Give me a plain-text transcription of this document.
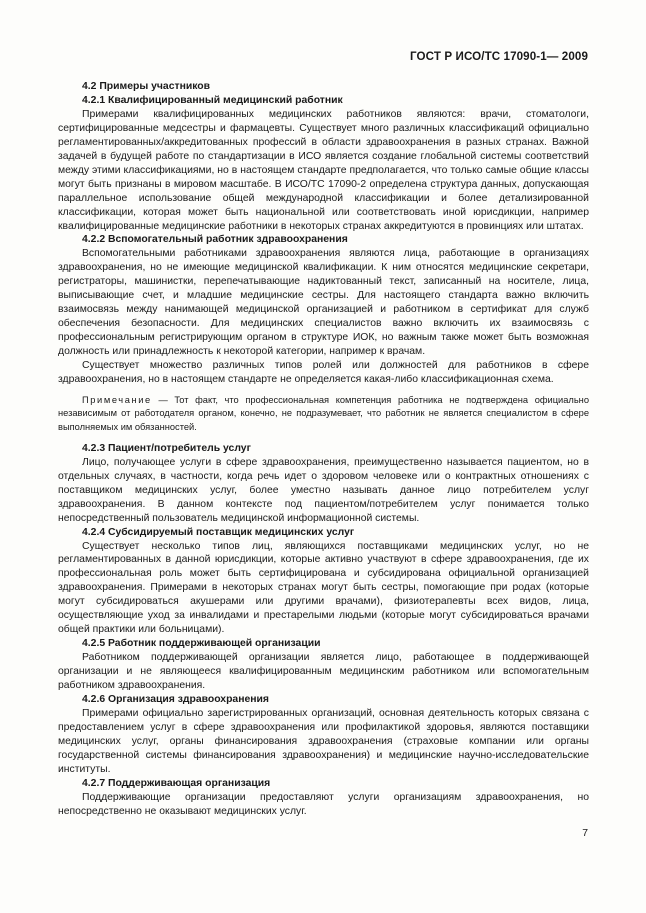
ГОСТ Р ИСО/ТС 17090-1— 2009
4.2 Примеры участников
4.2.1 Квалифицированный медицинский работник

Примерами квалифицированных медицинских работников являются: врачи, стоматологи, сертифицированные медсестры и фармацевты. Существует много различных классификаций официально регламентированных/аккредитованных профессий в области здравоохранения в разных странах. Важной задачей в будущей работе по стандартизации в ИСО является создание глобальной системы соответствий между этими классификациями, но в настоящем стандарте предполагается, что только самые общие классы могут быть признаны в мировом масштабе. В ИСО/ТС 17090-2 определена структура данных, допускающая параллельное использование общей международной классификации и более детализированной классификации, которая может быть национальной или соответствовать иной юрисдикции, например квалифицированные медицинские работники в некоторых странах аккредитуются в провинциях или штатах.

4.2.2 Вспомогательный работник здравоохранения

Вспомогательными работниками здравоохранения являются лица, работающие в организациях здравоохранения, но не имеющие медицинской квалификации. К ним относятся медицинские секретари, регистраторы, машинистки, перепечатывающие надиктованный текст, записанный на носителе, лица, выписывающие счет, и младшие медицинские сестры. Для настоящего стандарта важно включить взаимосвязь между нанимающей медицинской организацией и работником в сертификат для служб обеспечения безопасности. Для медицинских специалистов важно включить их взаимосвязь с профессиональным регистрирующим органом в структуре ИОК, но важным также может быть возможная должность или принадлежность к некоторой категории, например к врачам.

Существует множество различных типов ролей или должностей для работников в сфере здравоохранения, но в настоящем стандарте не определяется какая-либо классификационная схема.

Примечание — Тот факт, что профессиональная компетенция работника не подтверждена официально независимым от работодателя органом, конечно, не подразумевает, что работник не является специалистом в сфере выполняемых им обязанностей.

4.2.3 Пациент/потребитель услуг

Лицо, получающее услуги в сфере здравоохранения, преимущественно называется пациентом, но в отдельных случаях, в частности, когда речь идет о здоровом человеке или о контрактных отношениях с поставщиком медицинских услуг, более уместно называть данное лицо потребителем услуг здравоохранения. В данном контексте под пациентом/потребителем услуг понимается только непосредственный пользователь медицинской информационной системы.

4.2.4 Субсидируемый поставщик медицинских услуг

Существует несколько типов лиц, являющихся поставщиками медицинских услуг, но не регламентированных в данной юрисдикции, которые активно участвуют в сфере здравоохранения, где их профессиональная роль может быть сертифицирована и субсидирована официальной организацией здравоохранения. Примерами в некоторых странах могут быть сестры, помогающие при родах (которые могут субсидироваться акушерами или другими врачами), физиотерапевты всех видов, лица, осуществляющие уход за инвалидами и престарелыми людьми (которые могут субсидироваться врачами общей практики или больницами).

4.2.5 Работник поддерживающей организации

Работником поддерживающей организации является лицо, работающее в поддерживающей организации и не являющееся квалифицированным медицинским работником или вспомогательным работником здравоохранения.

4.2.6 Организация здравоохранения

Примерами официально зарегистрированных организаций, основная деятельность которых связана с предоставлением услуг в сфере здравоохранения или профилактикой здоровья, являются поставщики медицинских услуг, органы финансирования здравоохранения (страховые компании или органы государственной системы финансирования здравоохранения) и медицинские научно-исследовательские институты.

4.2.7 Поддерживающая организация

Поддерживающие организации предоставляют услуги организациям здравоохранения, но непосредственно не оказывают медицинских услуг.

7
